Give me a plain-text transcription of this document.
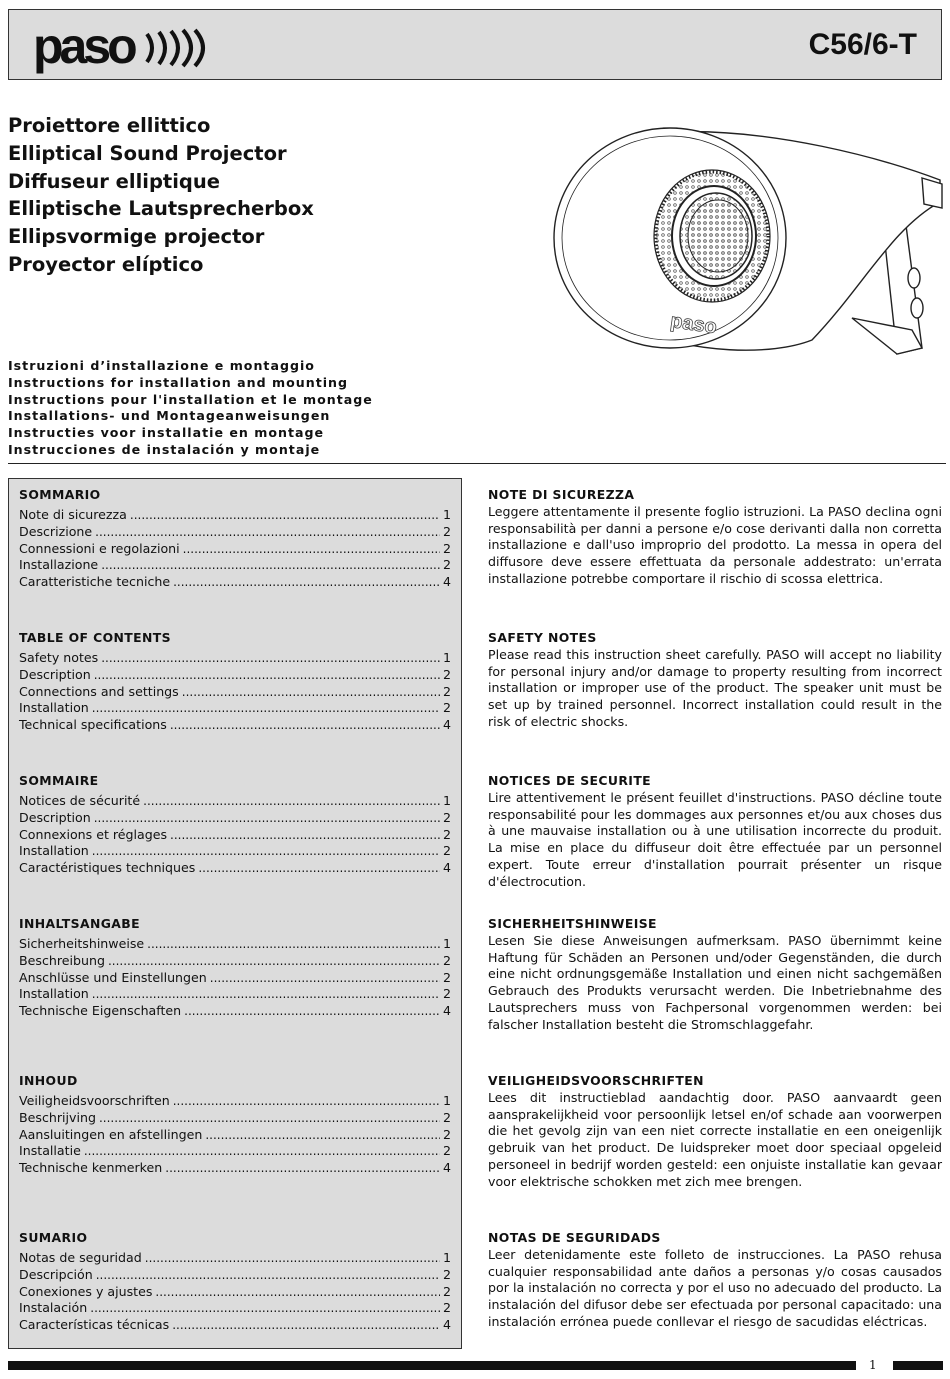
paso	C56/6-T
Proiettore ellittico
Elliptical Sound Projector
Diffuseur elliptique
Elliptische Lautsprecherbox
Ellipsvormige projector
Proyector elíptico
paso
Istruzioni d’installazione e montaggio
Instructions for installation and mounting
Instructions pour l'installation et le montage
Installations- und Montageanweisungen
Instructies voor installatie en montage
Instrucciones de instalación y montaje
SOMMARIO
Note di sicurezza .....	1
Descrizione .....	2
Connessioni e regolazioni .....	2
Installazione .....	2
Caratteristiche tecniche .....	4
TABLE OF CONTENTS
Safety notes .....	1
Description .....	2
Connections and settings .....	2
Installation .....	2
Technical specifications .....	4
SOMMAIRE
Notices de sécurité .....	1
Description .....	2
Connexions et réglages .....	2
Installation .....	2
Caractéristiques techniques .....	4
INHALTSANGABE
Sicherheitshinweise .....	1
Beschreibung .....	2
Anschlüsse und Einstellungen .....	2
Installation .....	2
Technische Eigenschaften .....	4
INHOUD
Veiligheidsvoorschriften .....	1
Beschrijving .....	2
Aansluitingen en afstellingen .....	2
Installatie .....	2
Technische kenmerken .....	4
SUMARIO
Notas de seguridad .....	1
Descripción .....	2
Conexiones y ajustes .....	2
Instalación .....	2
Características técnicas .....	4
NOTE DI SICUREZZA
Leggere attentamente il presente foglio istruzioni. La PASO declina ogni responsabilità per danni a persone e/o cose derivanti dalla non corretta installazione e dall'uso improprio del prodotto. La messa in opera del diffusore deve essere effettuata da personale addestrato: un'errata installazione potrebbe comportare il rischio di scossa elettrica.
SAFETY NOTES
Please read this instruction sheet carefully. PASO will accept no liability for personal injury and/or damage to property resulting from incorrect installation or improper use of the product. The speaker unit must be set up by trained personnel. Incorrect installation could result in the risk of electric shocks.
NOTICES DE SECURITE
Lire attentivement le présent feuillet d'instructions. PASO décline toute responsabilité pour les dommages aux personnes et/ou aux choses dus à une mauvaise installation ou à une utilisation incorrecte du produit. La mise en place du diffuseur doit être effectuée par un personnel expert. Toute erreur d'installation pourrait présenter un risque d'électrocution.
SICHERHEITSHINWEISE
Lesen Sie diese Anweisungen aufmerksam. PASO übernimmt keine Haftung für Schäden an Personen und/oder Gegenständen, die durch eine nicht ordnungsgemäße Installation und einen nicht sachgemäßen Gebrauch des Produkts verursacht werden. Die Inbetriebnahme des Lautsprechers muss von Fachpersonal vorgenommen werden: bei falscher Installation besteht die Stromschlaggefahr.
VEILIGHEIDSVOORSCHRIFTEN
Lees dit instructieblad aandachtig door. PASO aanvaardt geen aansprakelijkheid voor persoonlijk letsel en/of schade aan voorwerpen die het gevolg zijn van een niet correcte installatie en een oneigenlijk gebruik van het product. De luidspreker moet door speciaal opgeleid personeel in bedrijf worden gesteld: een onjuiste installatie kan gevaar voor elektrische schokken met zich mee brengen.
NOTAS DE SEGURIDADS
Leer detenidamente este folleto de instrucciones. La PASO rehusa cualquier responsabilidad ante daños a personas y/o cosas causados por la instalación no correcta y por el uso no adecuado del producto. La instalación del difusor debe ser efectuada por personal capacitado: una instalación errónea puede conllevar el riesgo de sacudidas eléctricas.
1
